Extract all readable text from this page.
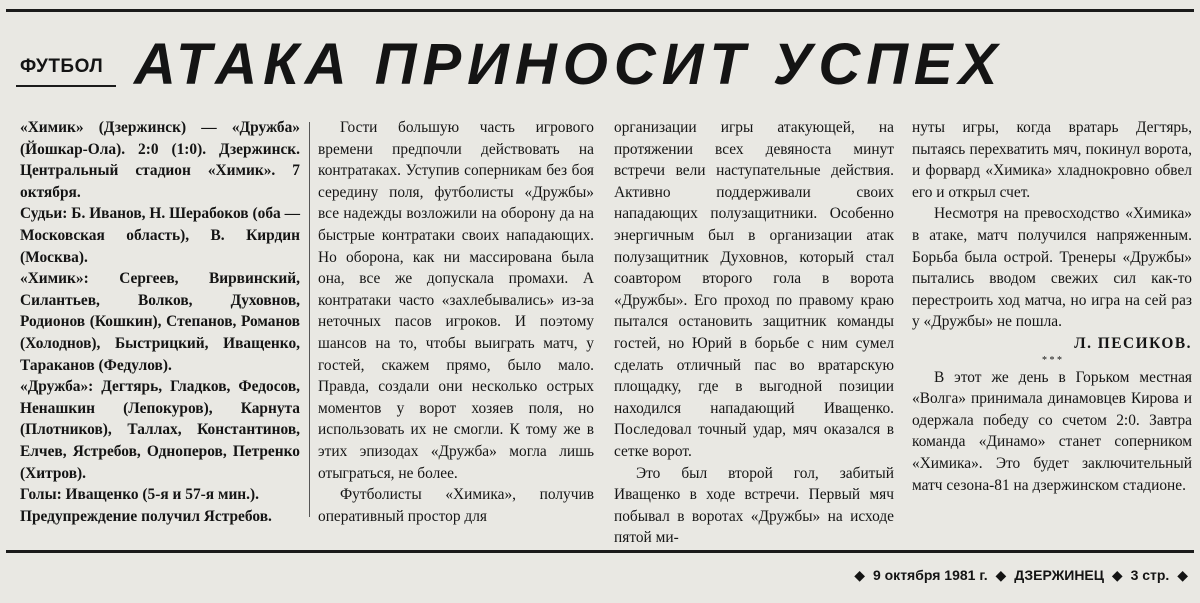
ФУТБОЛ АТАКА ПРИНОСИТ УСПЕХ

«Химик» (Дзержинск) — «Дружба» (Йошкар-Ола). 2:0 (1:0). Дзержинск. Центральный стадион «Химик». 7 октября.

Судьи: Б. Иванов, Н. Шерабоков (оба — Московская область), В. Кирдин (Москва).

«Химик»: Сергеев, Вирвинский, Силантьев, Волков, Духовнов, Родионов (Кошкин), Степанов, Романов (Холоднов), Быстрицкий, Иващенко, Тараканов (Федулов).

«Дружба»: Дегтярь, Гладков, Федосов, Ненашкин (Лепокуров), Карнута (Плотников), Таллах, Константинов, Елчев, Ястребов, Одноперов, Петренко (Хитров).

Голы: Иващенко (5-я и 57-я мин.).

Предупреждение получил Ястребов.

Гости большую часть игрового времени предпочли действовать на контратаках. Уступив соперникам без боя середину поля, футболисты «Дружбы» все надежды возложили на оборону да на быстрые контратаки своих нападающих. Но оборона, как ни массирована была она, все же допускала промахи. А контратаки часто «захлебывались» из-за неточных пасов игроков. И поэтому шансов на то, чтобы выиграть матч, у гостей, скажем прямо, было мало. Правда, создали они несколько острых моментов у ворот хозяев поля, но использовать их не смогли. К тому же в этих эпизодах «Дружба» могла лишь отыграться, не более.

Футболисты «Химика», получив оперативный простор для

организации игры атакующей, на протяжении всех девяноста минут встречи вели наступательные действия. Активно поддерживали своих нападающих полузащитники. Особенно энергичным был в организации атак полузащитник Духовнов, который стал соавтором второго гола в ворота «Дружбы». Его проход по правому краю пытался остановить защитник команды гостей, но Юрий в борьбе с ним сумел сделать отличный пас во вратарскую площадку, где в выгодной позиции находился нападающий Иващенко. Последовал точный удар, мяч оказался в сетке ворот.

Это был второй гол, забитый Иващенко в ходе встречи. Первый мяч побывал в воротах «Дружбы» на исходе пятой ми-

нуты игры, когда вратарь Дегтярь, пытаясь перехватить мяч, покинул ворота, и форвард «Химика» хладнокровно обвел его и открыл счет.

Несмотря на превосходство «Химика» в атаке, матч получился напряженным. Борьба была острой. Тренеры «Дружбы» пытались вводом свежих сил как-то перестроить ход матча, но игра на сей раз у «Дружбы» не пошла.

Л. ПЕСИКОВ.

* * *

В этот же день в Горьком местная «Волга» принимала динамовцев Кирова и одержала победу со счетом 2:0. Завтра команда «Динамо» станет соперником «Химика». Это будет заключительный матч сезона-81 на дзержинском стадионе.

◆ 9 октября 1981 г. ◆ ДЗЕРЖИНЕЦ ◆ 3 стр. ◆
